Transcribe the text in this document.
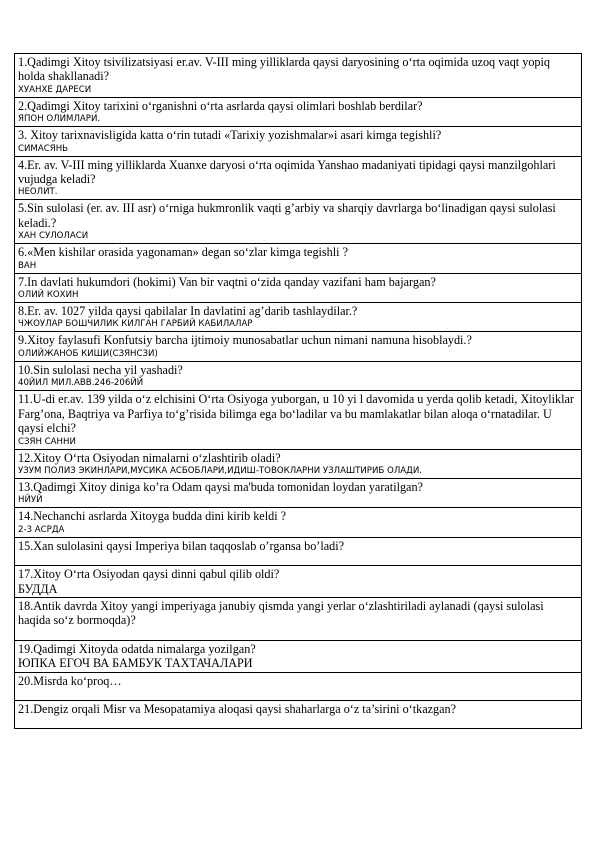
1.Qadimgi Xitoy tsivilizatsiyasi er.av. V-III ming yilliklarda qaysi daryosining o‘rta oqimida uzoq vaqt yopiq holda shakllanadi?
ХУАНХЕ ДАРЕСИ

2.Qadimgi Xitoy tarixini o‘rganishni o‘rta asrlarda qaysi olimlari boshlab berdilar?
ЯПОН ОЛИМЛАРИ.

3. Xitoy tarixnavisligida katta o‘rin tutadi «Tarixiy yozishmalar»i asari kimga tegishli?
СИМАСЯНЬ

4.Er. av. V-III ming yilliklarda Xuanxe daryosi o‘rta oqimida Yanshao madaniyati tipidagi qaysi manzilgohlari vujudga keladi?
НЕОЛИТ.

5.Sin sulolasi (er. av. III asr) o‘rniga hukmronlik vaqti g’arbiy va sharqiy davrlarga bo‘linadigan qaysi sulolasi keladi.?
ХАН СУЛОЛАСИ

6.«Men kishilar orasida yagonaman» degan so‘zlar kimga tegishli ?
ВАН

7.In davlati hukumdori (hokimi) Van bir vaqtni o‘zida qanday vazifani ham bajargan?
ОЛИЙ КОХИН

8.Er. av. 1027 yilda qaysi qabilalar In davlatini ag’darib tashlaydilar.?
ЧЖОУЛАР БОШЧИЛИК КИЛГАН ГАРБИЙ КАБИЛАЛАР

9.Xitoy faylasufi Konfutsiy barcha ijtimoiy munosabatlar uchun nimani namuna hisoblaydi.?
ОЛИЙЖАНОБ КИШИ(СЗЯНСЗИ)

10.Sin sulolasi necha yil yashadi?
40ЙИЛ МИЛ.АВВ.246-206ЙЙ

11.U-di er.av. 139 yilda o‘z elchisini O‘rta Osiyoga yuborgan, u 10 yi l davomida u yerda qolib ketadi, Xitoyliklar Farg’ona, Baqtriya va Parfiya to‘g’risida bilimga ega bo‘ladilar va bu mamlakatlar bilan aloqa o‘rnatadilar. U qaysi elchi?
СЗЯН САННИ

12.Xitoy O‘rta Osiyodan nimalarni o‘zlashtirib oladi?
УЗУМ ПОЛИЗ ЭКИНЛАРИ,МУСИКА АСБОБЛАРИ,ИДИШ-ТОВОКЛАРНИ УЗЛАШТИРИБ ОЛАДИ.

13.Qadimgi Xitoy diniga ko’ra Odam qaysi ma'buda tomonidan loydan yaratilgan?
НЙУЙ

14.Nechanchi asrlarda Xitoyga budda dini kirib keldi ?
2-3 АСРДА

15.Xan sulolasini qaysi Imperiya bilan taqqoslab o’rgansa bo’ladi?

17.Xitoy O‘rta Osiyodan qaysi dinni qabul qilib oldi?
БУДДА

18.Antik davrda Xitoy yangi imperiyaga janubiy qismda yangi yerlar o‘zlashtiriladi aylanadi (qaysi sulolasi haqida so‘z bormoqda)?

19.Qadimgi Xitoyda odatda nimalarga yozilgan?
ЮПКА ЕГОЧ ВА БАМБУК ТАХТАЧАЛАРИ

20.Misrda ko‘proq…

21.Dengiz orqali Misr va Mesopatamiya aloqasi qaysi shaharlarga o‘z ta’sirini o‘tkazgan?
